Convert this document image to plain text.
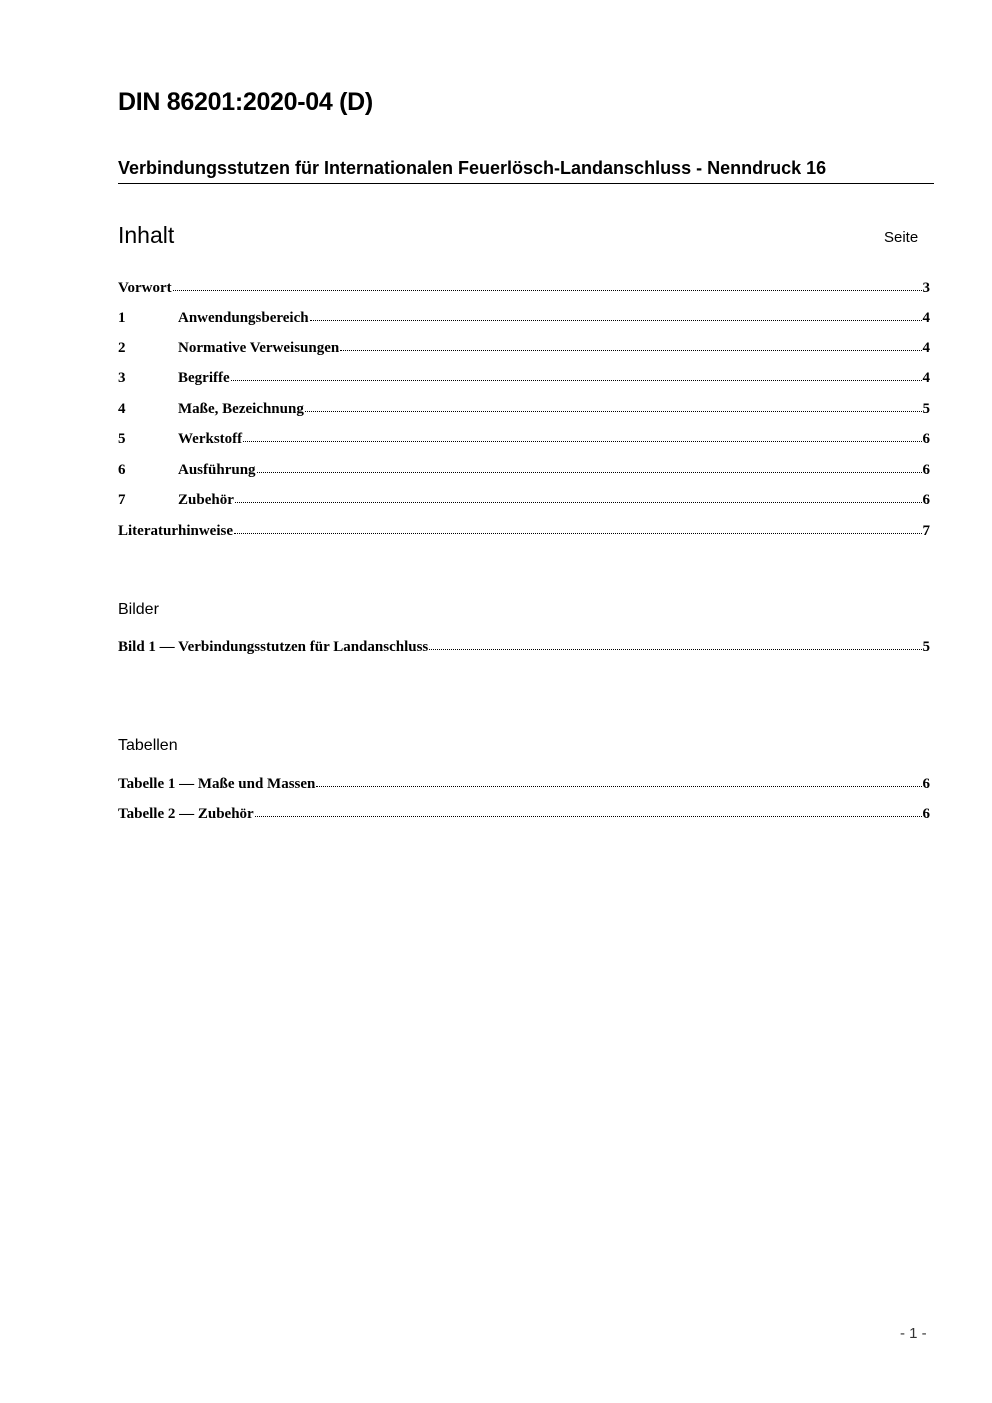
DIN 86201:2020-04 (D)
Verbindungsstutzen für Internationalen Feuerlösch-Landanschluss - Nenndruck 16
Inhalt	Seite
Vorwort	3
1	Anwendungsbereich	4
2	Normative Verweisungen	4
3	Begriffe	4
4	Maße, Bezeichnung	5
5	Werkstoff	6
6	Ausführung	6
7	Zubehör	6
Literaturhinweise	7
Bilder
Bild 1 — Verbindungsstutzen für Landanschluss	5
Tabellen
Tabelle 1 — Maße und Massen	6
Tabelle 2 — Zubehör	6
- 1 -
